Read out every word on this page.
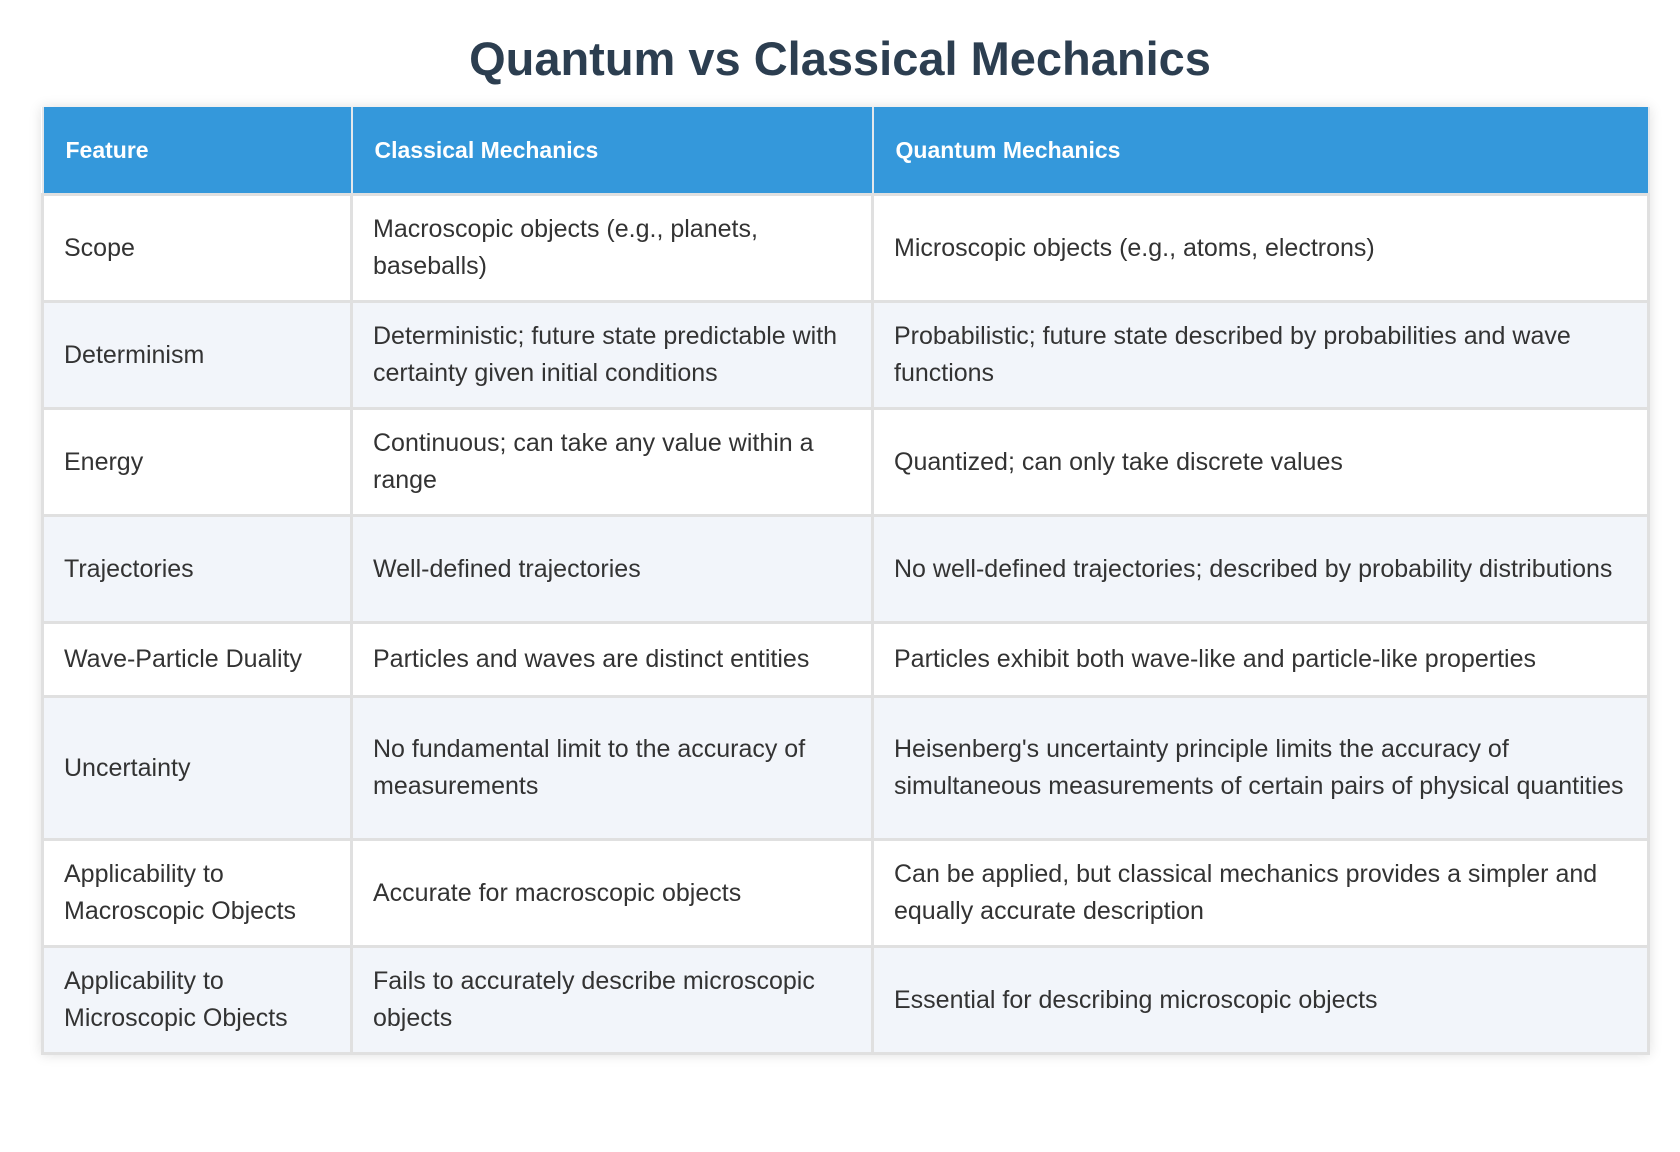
Quantum vs Classical Mechanics
Feature	Classical Mechanics	Quantum Mechanics
Scope	Macroscopic objects (e.g., planets, baseballs)	Microscopic objects (e.g., atoms, electrons)
Determinism	Deterministic; future state predictable with certainty given initial conditions	Probabilistic; future state described by probabilities and wave functions
Energy	Continuous; can take any value within a range	Quantized; can only take discrete values
Trajectories	Well-defined trajectories	No well-defined trajectories; described by probability distributions
Wave-Particle Duality	Particles and waves are distinct entities	Particles exhibit both wave-like and particle-like properties
Uncertainty	No fundamental limit to the accuracy of measurements	Heisenberg's uncertainty principle limits the accuracy of simultaneous measurements of certain pairs of physical quantities
Applicability to Macroscopic Objects	Accurate for macroscopic objects	Can be applied, but classical mechanics provides a simpler and equally accurate description
Applicability to Microscopic Objects	Fails to accurately describe microscopic objects	Essential for describing microscopic objects
